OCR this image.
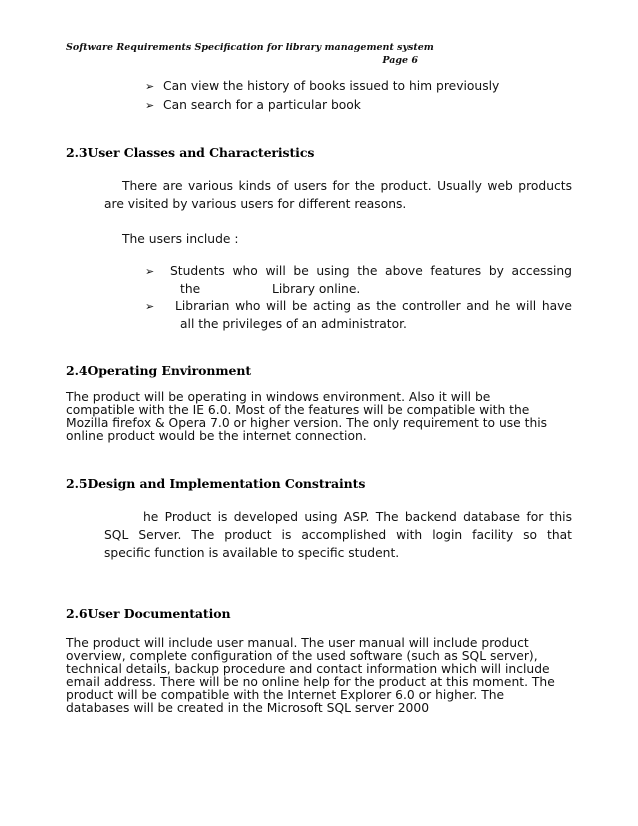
Software Requirements Specification for library management system
Page 6
➢ Can view the history of books issued to him previously
➢ Can search for a particular book
2.3User Classes and Characteristics
There are various kinds of users for the product. Usually web products
are visited by various users for different reasons.
The users include :
➢ Students who will be using the above features by accessing
the	Library online.
➢ Librarian who will be acting as the controller and he will have
all the privileges of an administrator.
2.4Operating Environment
The product will be operating in windows environment. Also it will be
compatible with the IE 6.0. Most of the features will be compatible with the
Mozilla firefox & Opera 7.0 or higher version. The only requirement to use this
online product would be the internet connection.
2.5Design and Implementation Constraints
he Product is developed using ASP. The backend database for this
SQL  Server.  The  product  is  accomplished  with  login  facility  so  that
specific function is available to specific student.
2.6User Documentation
The product will include user manual. The user manual will include product
overview, complete configuration of the used software (such as SQL server),
technical details, backup procedure and contact information which will include
email address. There will be no online help for the product at this moment. The
product will be compatible with the Internet Explorer 6.0 or higher. The
databases will be created in the Microsoft SQL server 2000
